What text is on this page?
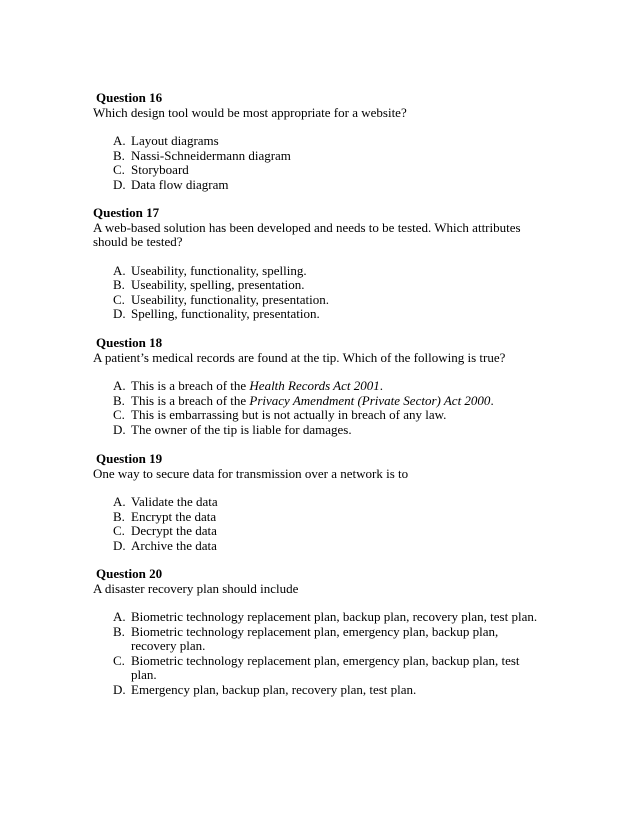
Question 16

Which design tool would be most appropriate for a website?

A. Layout diagrams
B. Nassi-Schneidermann diagram
C. Storyboard
D. Data flow diagram

Question 17

A web-based solution has been developed and needs to be tested. Which attributes should be tested?

A. Useability, functionality, spelling.
B. Useability, spelling, presentation.
C. Useability, functionality, presentation.
D. Spelling, functionality, presentation.

Question 18

A patient’s medical records are found at the tip. Which of the following is true?

A. This is a breach of the Health Records Act 2001.
B. This is a breach of the Privacy Amendment (Private Sector) Act 2000.
C. This is embarrassing but is not actually in breach of any law.
D. The owner of the tip is liable for damages.

Question 19

One way to secure data for transmission over a network is to

A. Validate the data
B. Encrypt the data
C. Decrypt the data
D. Archive the data

Question 20

A disaster recovery plan should include

A. Biometric technology replacement plan, backup plan, recovery plan, test plan.
B. Biometric technology replacement plan, emergency plan, backup plan, recovery plan.
C. Biometric technology replacement plan, emergency plan, backup plan, test plan.
D. Emergency plan, backup plan, recovery plan, test plan.
